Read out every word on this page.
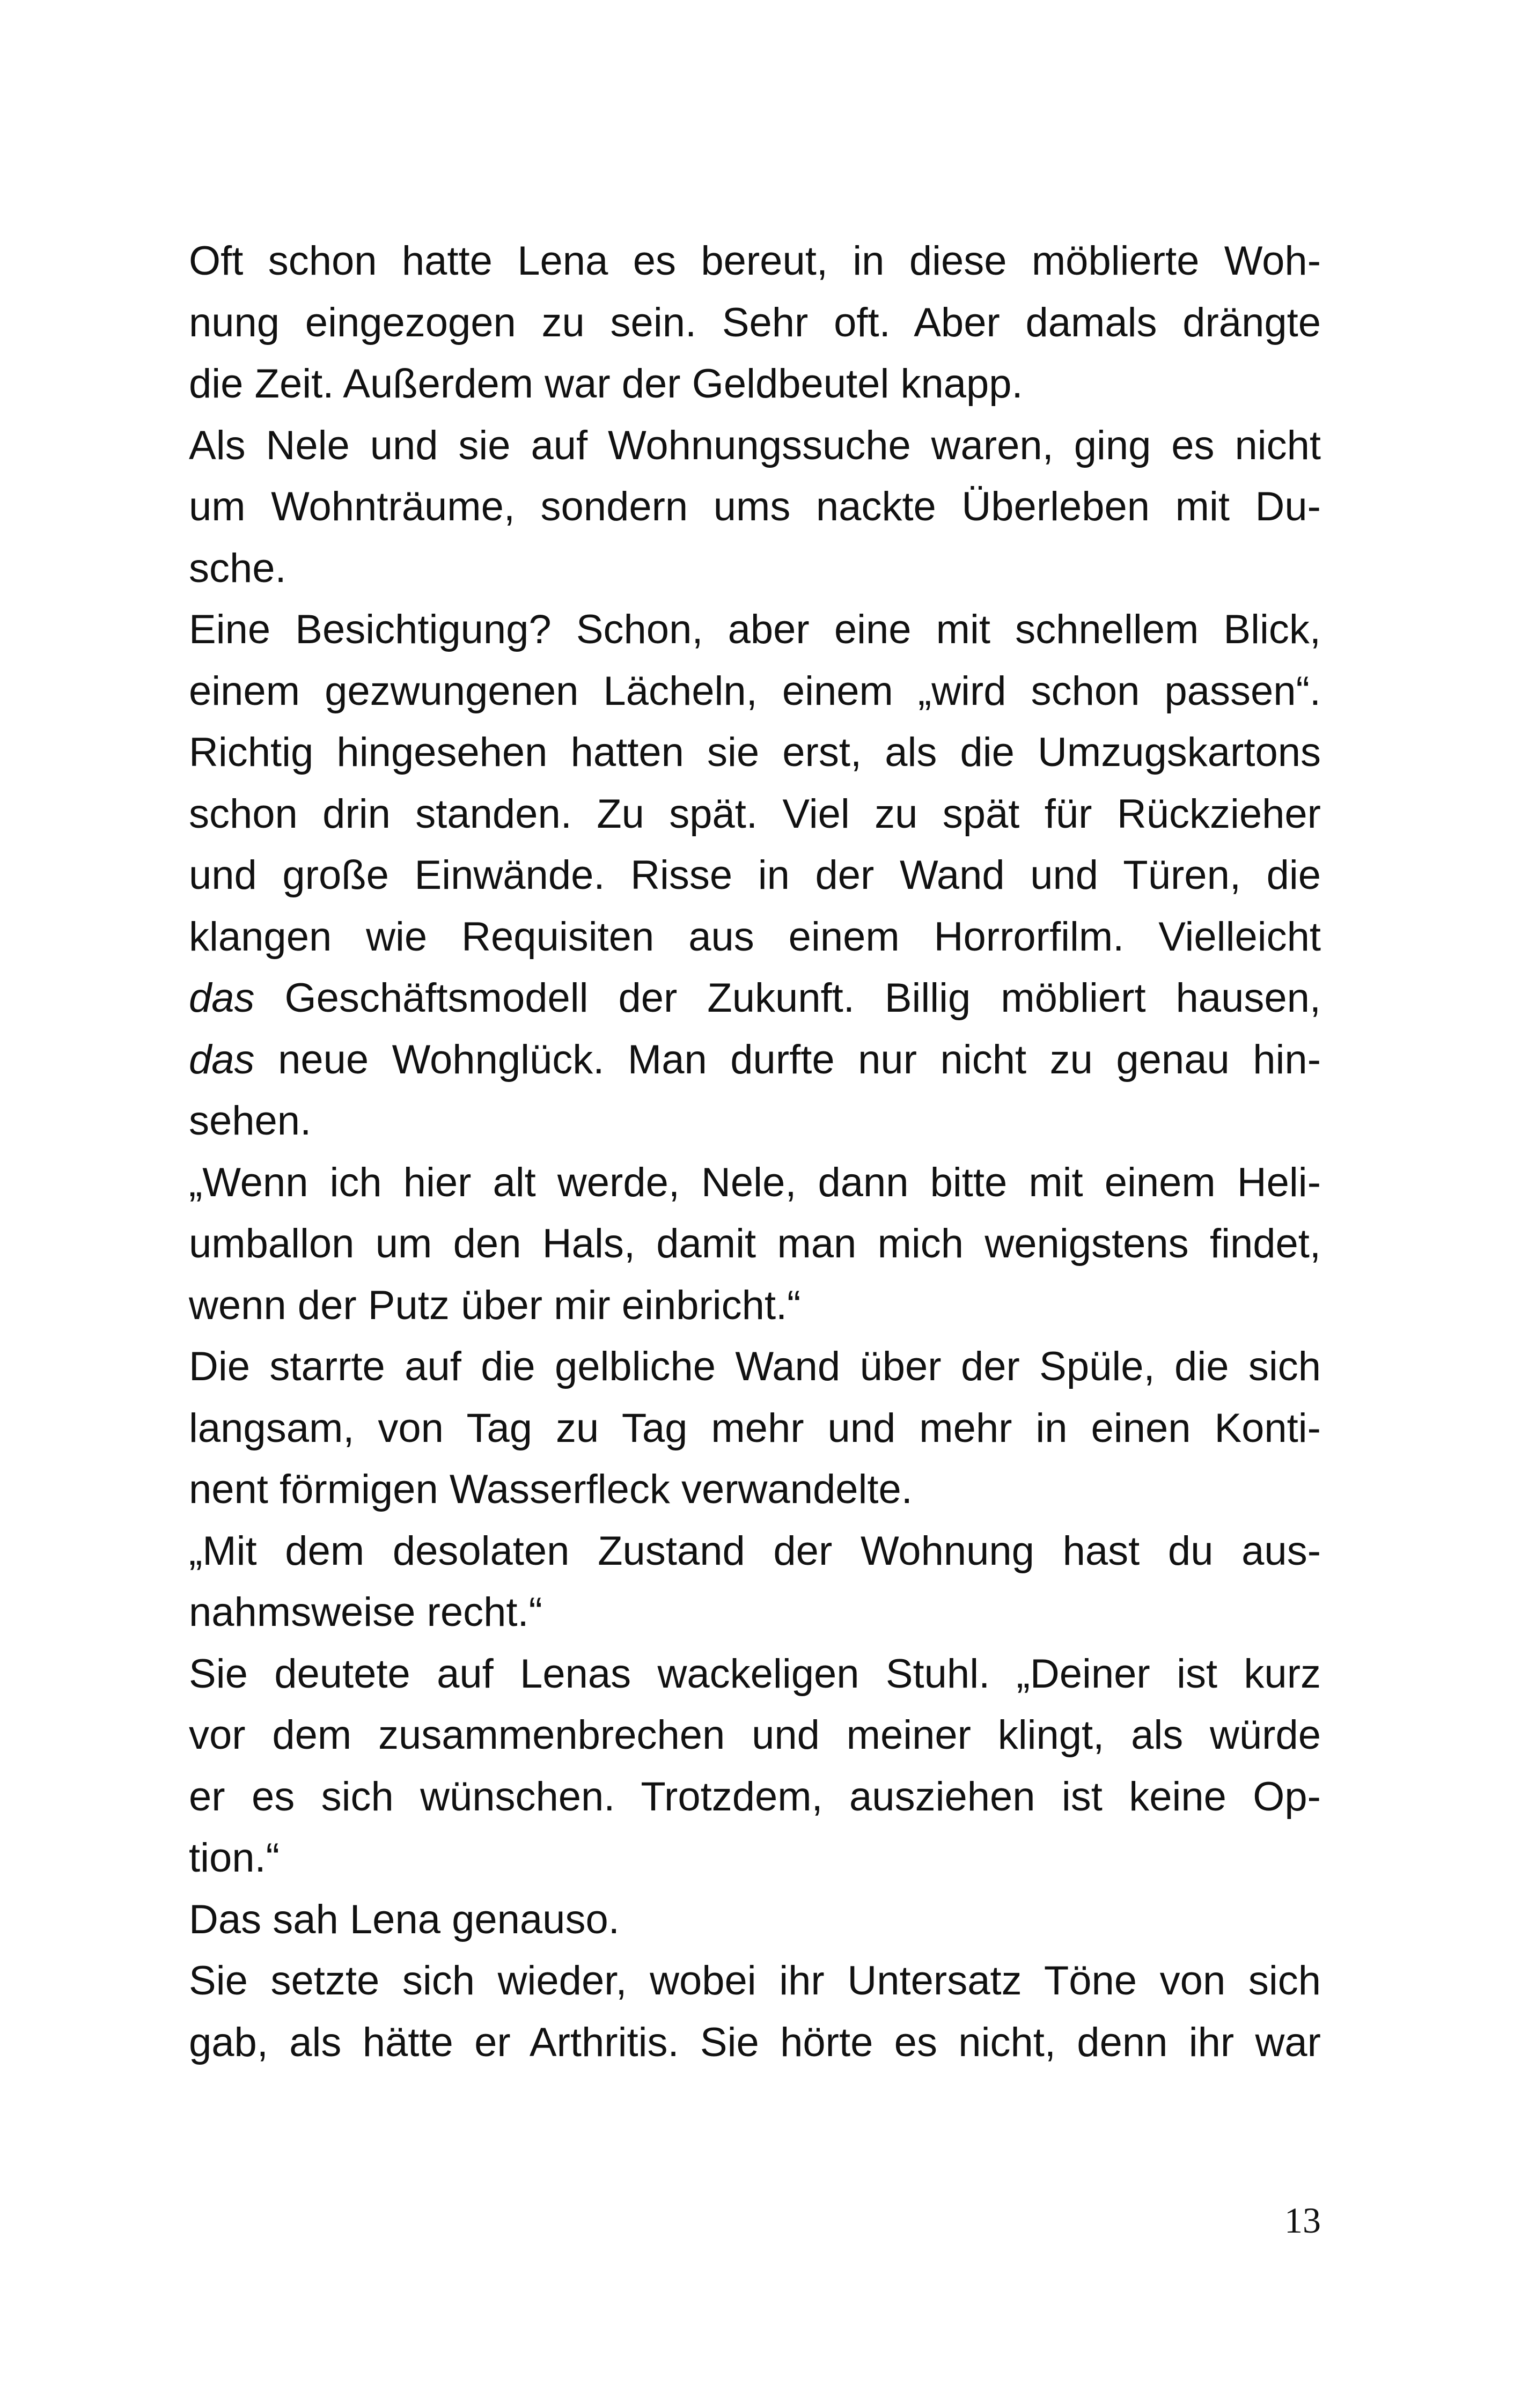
Oft schon hatte Lena es bereut, in diese möblierte Woh-
nung eingezogen zu sein. Sehr oft. Aber damals drängte
die Zeit. Außerdem war der Geldbeutel knapp.
Als Nele und sie auf Wohnungssuche waren, ging es nicht
um Wohnträume, sondern ums nackte Überleben mit Du-
sche.
Eine Besichtigung? Schon, aber eine mit schnellem Blick,
einem gezwungenen Lächeln, einem „wird schon passen“.
Richtig hingesehen hatten sie erst, als die Umzugskartons
schon drin standen. Zu spät. Viel zu spät für Rückzieher
und große Einwände. Risse in der Wand und Türen, die
klangen wie Requisiten aus einem Horrorfilm. Vielleicht
das Geschäftsmodell der Zukunft. Billig möbliert hausen,
das neue Wohnglück. Man durfte nur nicht zu genau hin-
sehen.
„Wenn ich hier alt werde, Nele, dann bitte mit einem Heli-
umballon um den Hals, damit man mich wenigstens findet,
wenn der Putz über mir einbricht.“
Die starrte auf die gelbliche Wand über der Spüle, die sich
langsam, von Tag zu Tag mehr und mehr in einen Konti-
nent förmigen Wasserfleck verwandelte.
„Mit dem desolaten Zustand der Wohnung hast du aus-
nahmsweise recht.“
Sie deutete auf Lenas wackeligen Stuhl. „Deiner ist kurz
vor dem zusammenbrechen und meiner klingt, als würde
er es sich wünschen. Trotzdem, ausziehen ist keine Op-
tion.“
Das sah Lena genauso.
Sie setzte sich wieder, wobei ihr Untersatz Töne von sich
gab, als hätte er Arthritis. Sie hörte es nicht, denn ihr war
13
